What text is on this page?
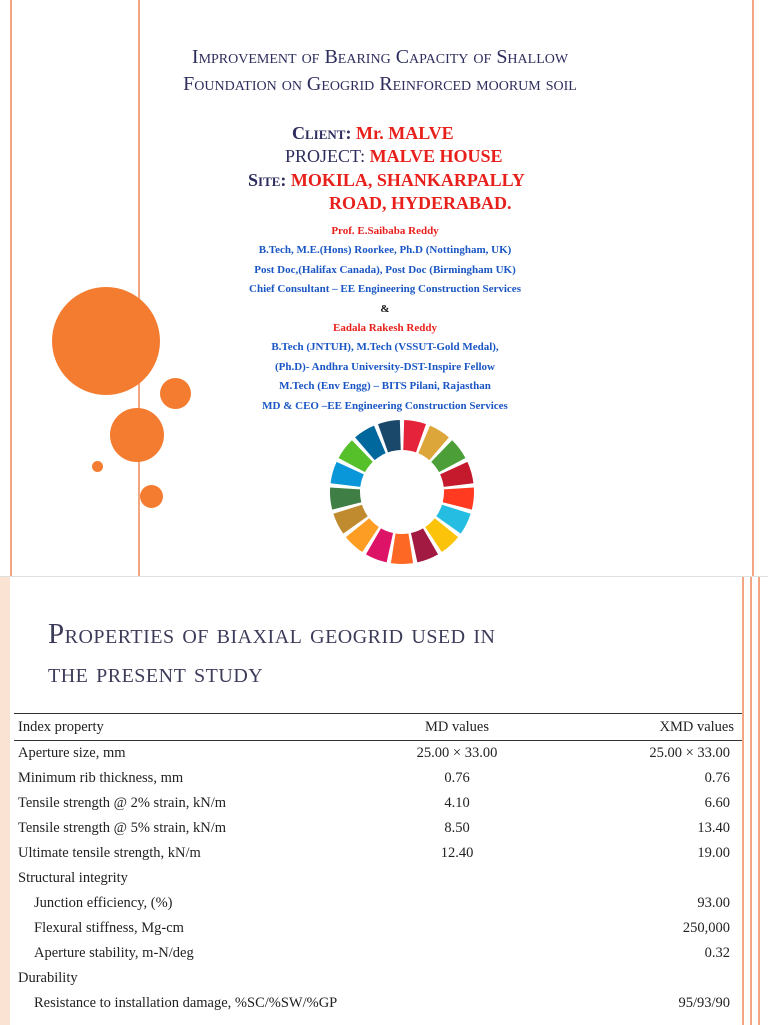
Improvement of Bearing Capacity of Shallow
Foundation on Geogrid Reinforced moorum soil
Client: Mr. MALVE
PROJECT: MALVE HOUSE
Site: MOKILA, SHANKARPALLY
ROAD, HYDERABAD.
Prof. E.Saibaba Reddy
B.Tech, M.E.(Hons) Roorkee, Ph.D (Nottingham, UK)
Post Doc,(Halifax Canada), Post Doc (Birmingham UK)
Chief Consultant – EE Engineering Construction Services
&
Eadala Rakesh Reddy
B.Tech (JNTUH), M.Tech (VSSUT-Gold Medal),
(Ph.D)- Andhra University-DST-Inspire Fellow
M.Tech (Env Engg) – BITS Pilani, Rajasthan
MD & CEO –EE Engineering Construction Services
Properties of biaxial geogrid used in
the present study
Index property	MD values	XMD values
Aperture size, mm	25.00 × 33.00	25.00 × 33.00
Minimum rib thickness, mm	0.76	0.76
Tensile strength @ 2% strain, kN/m	4.10	6.60
Tensile strength @ 5% strain, kN/m	8.50	13.40
Ultimate tensile strength, kN/m	12.40	19.00
Structural integrity		
Junction efficiency, (%)		93.00
Flexural stiffness, Mg-cm		250,000
Aperture stability, m-N/deg		0.32
Durability		
Resistance to installation damage, %SC/%SW/%GP		95/93/90
